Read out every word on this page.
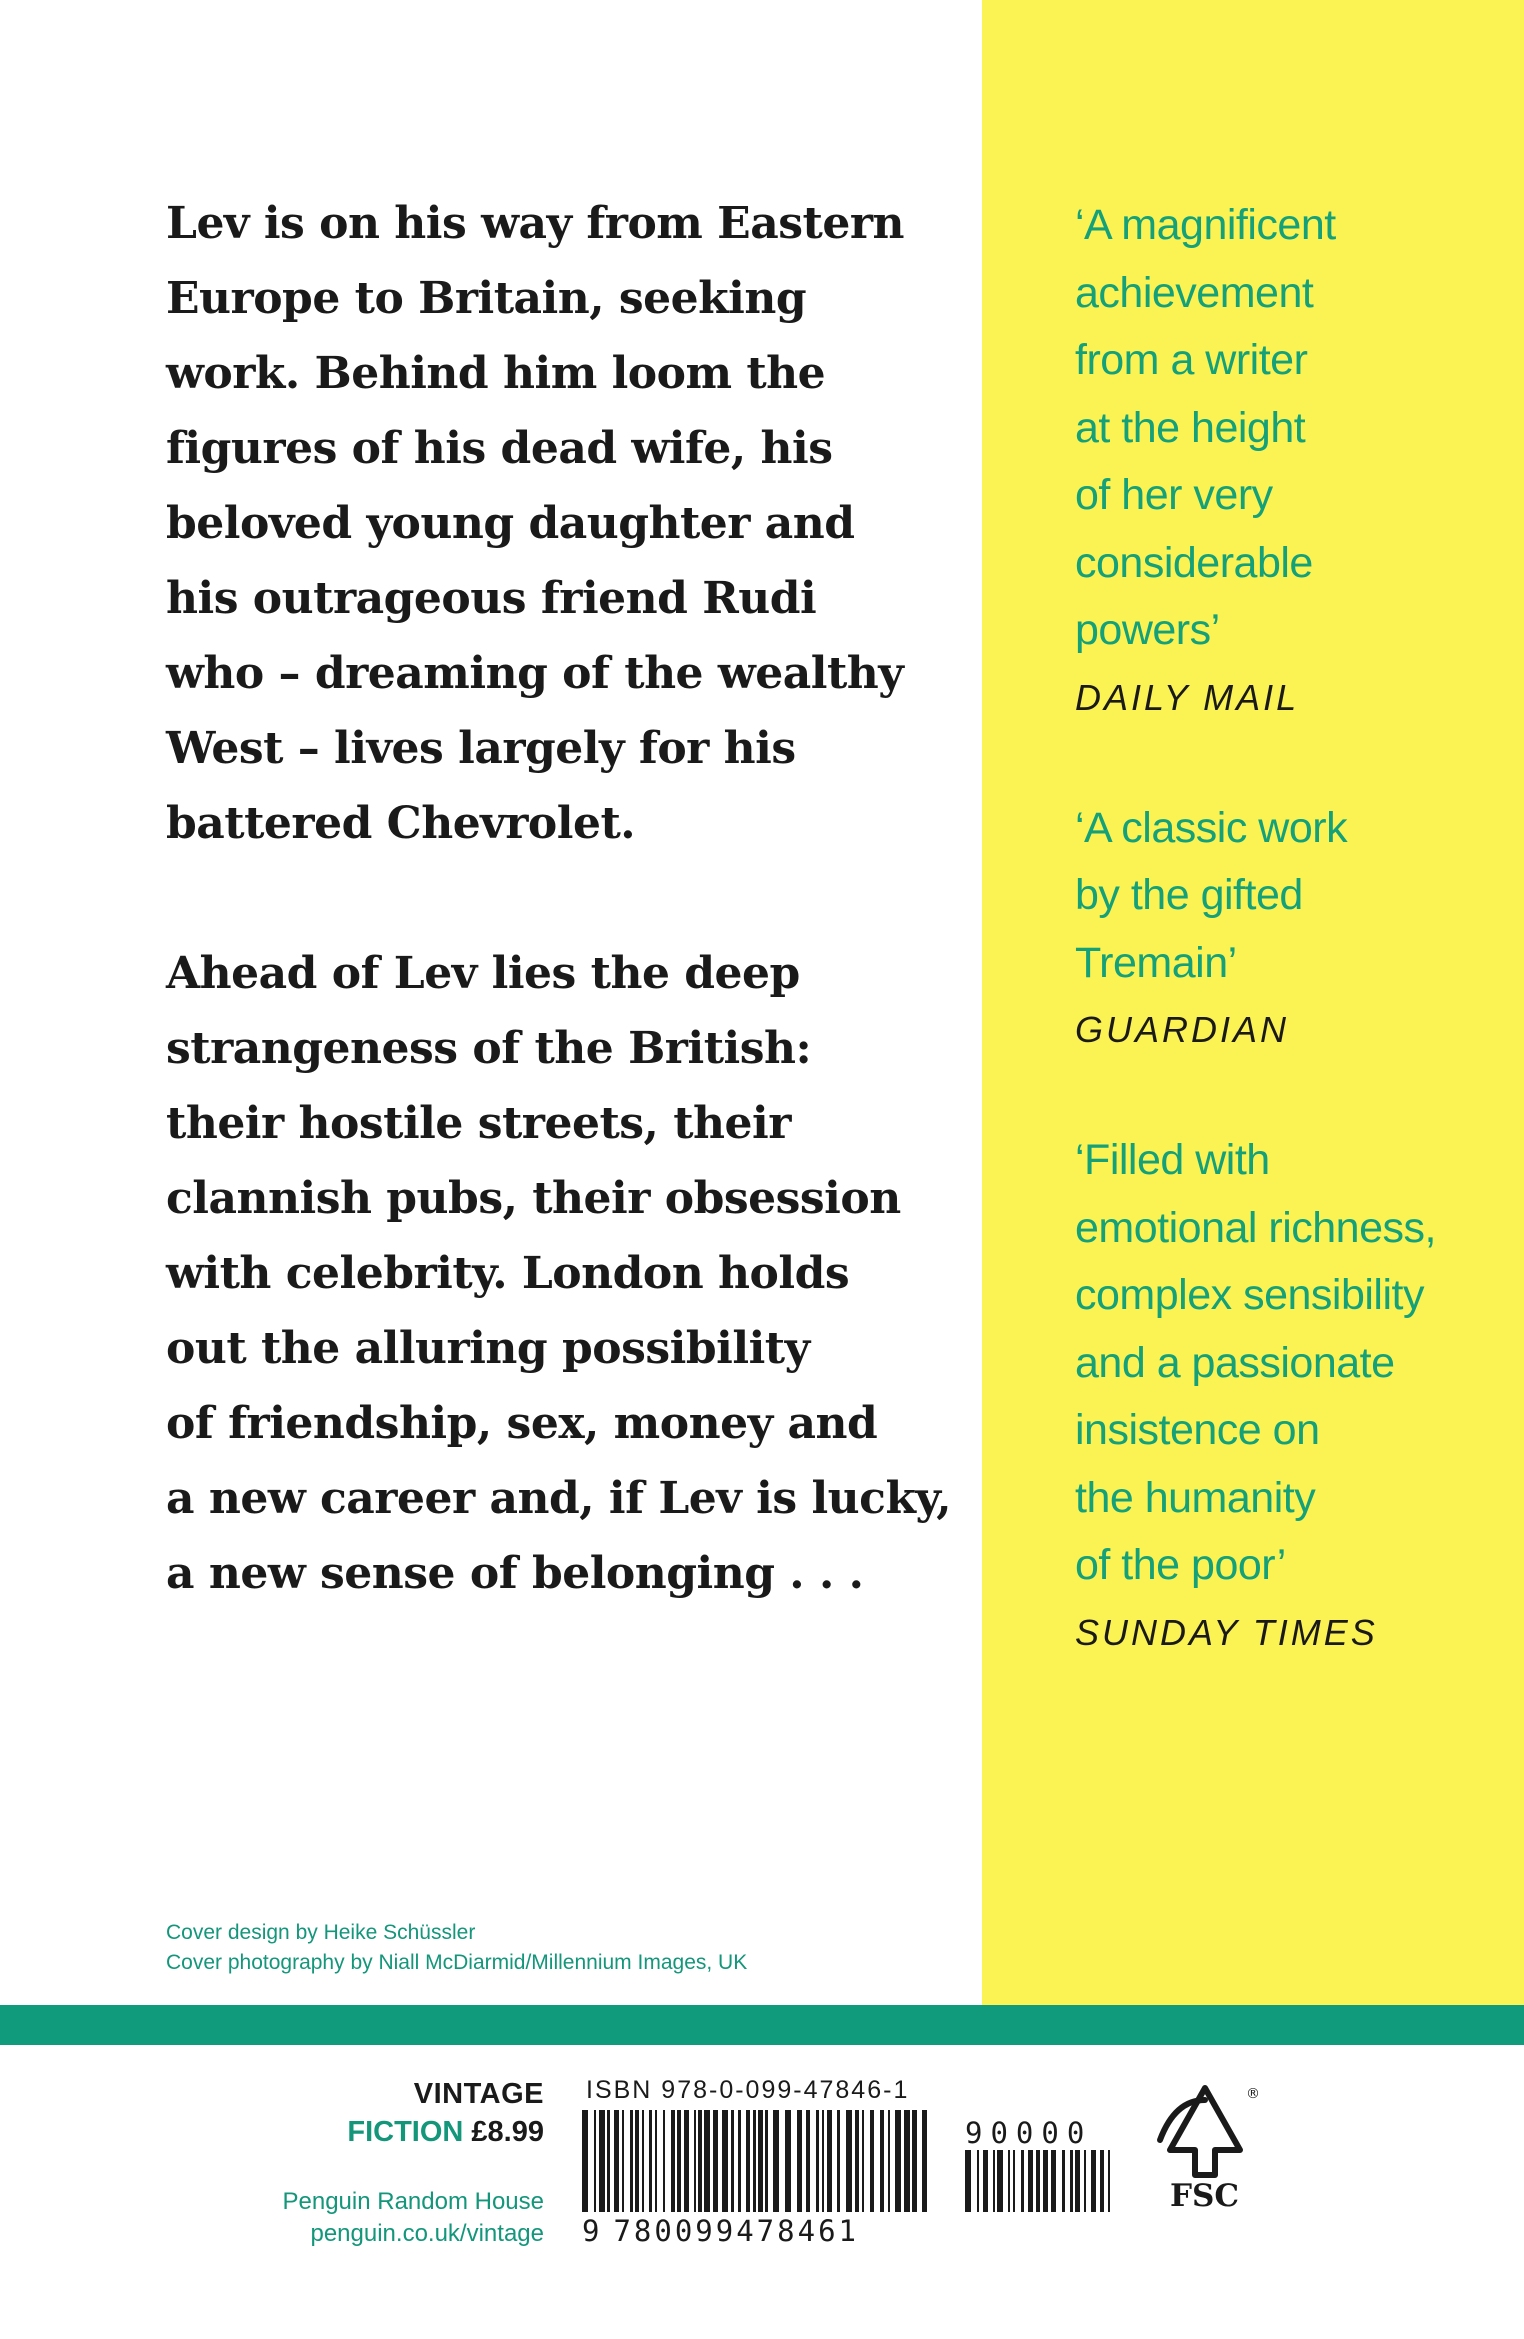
Lev is on his way from Eastern
Europe to Britain, seeking
work. Behind him loom the
figures of his dead wife, his
beloved young daughter and
his outrageous friend Rudi
who – dreaming of the wealthy
West – lives largely for his
battered Chevrolet.

Ahead of Lev lies the deep
strangeness of the British:
their hostile streets, their
clannish pubs, their obsession
with celebrity. London holds
out the alluring possibility
of friendship, sex, money and
a new career and, if Lev is lucky,
a new sense of belonging . . .

‘A magnificent
achievement
from a writer
at the height
of her very
considerable
powers’
DAILY MAIL
‘A classic work
by the gifted
Tremain’
GUARDIAN
‘Filled with
emotional richness,
complex sensibility
and a passionate
insistence on
the humanity
of the poor’
SUNDAY TIMES
Cover design by Heike Schüssler
Cover photography by Niall McDiarmid/Millennium Images, UK
VINTAGE
FICTION £8.99
Penguin Random House
penguin.co.uk/vintage
ISBN 978-0-099-47846-1
90000
9 780099478461
®
FSC
